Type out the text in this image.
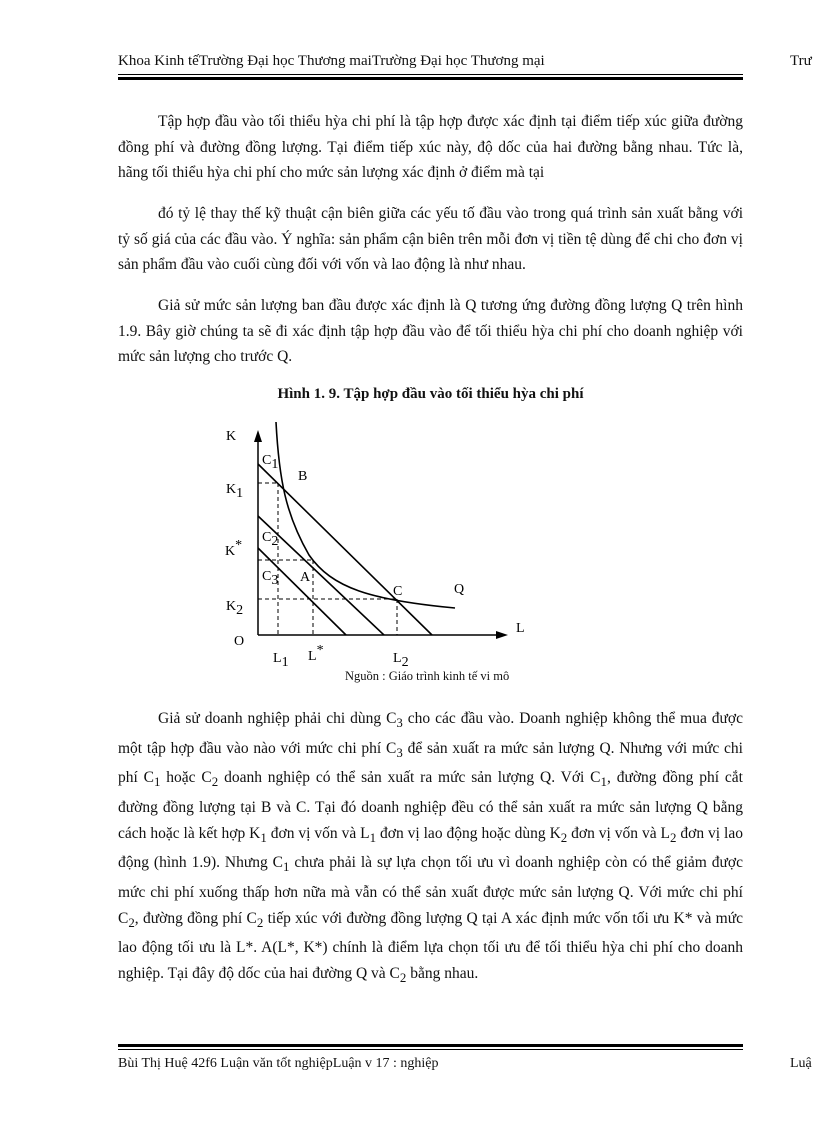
Khoa Kinh tếTrường Đại học Thương maiTrường Đại học Thương mại	Trư
Tập hợp đầu vào tối thiểu hỳa chi phí là tập hợp được xác định tại điểm tiếp xúc giữa đường đồng phí và đường đồng lượng. Tại điểm tiếp xúc này, độ dốc của hai đường bằng nhau. Tức là, hãng tối thiểu hỳa chi phí cho mức sản lượng xác định ở điểm mà tại
đó tỷ lệ thay thế kỹ thuật cận biên giữa các yếu tố đầu vào trong quá trình sản xuất bằng với tỷ số giá của các đầu vào. Ý nghĩa: sản phẩm cận biên trên mỗi đơn vị tiền tệ dùng để chi cho đơn vị sản phẩm đầu vào cuối cùng đối với vốn và lao động là như nhau.
Giả sử mức sản lượng ban đầu được xác định là Q tương ứng đường đồng lượng Q trên hình 1.9. Bây giờ chúng ta sẽ đi xác định tập hợp đầu vào để tối thiểu hỳa chi phí cho doanh nghiệp với mức sản lượng cho trước Q.
Hình 1. 9. Tập hợp đầu vào tối thiểu hỳa chi phí
K
L
O
K1
K*
K2
L1 L*
L2
C1
C2
C3
B
A
C	Q
Nguồn : Giáo trình kinh tế vi mô
Giả sử doanh nghiệp phải chi dùng $C_3$ cho các đầu vào. Doanh nghiệp không thể mua được một tập hợp đầu vào nào với mức chi phí $C_3$ để sản xuất ra mức sản lượng Q. Nhưng với mức chi phí $C_1$ hoặc $C_2$ doanh nghiệp có thể sản xuất ra mức sản lượng Q. Với $C_1$, đường đồng phí cắt đường đồng lượng tại B và C. Tại đó doanh nghiệp đều có thể sản xuất ra mức sản lượng Q bằng cách hoặc là kết hợp $K_1$ đơn vị vốn và $L_1$ đơn vị lao động hoặc dùng $K_2$ đơn vị vốn và $L_2$ đơn vị lao động (hình 1.9). Nhưng $C_1$ chưa phải là sự lựa chọn tối ưu vì doanh nghiệp còn có thể giảm được mức chi phí xuống thấp hơn nữa mà vẫn có thể sản xuất được mức sản lượng Q. Với mức chi phí $C_2$, đường đồng phí $C_2$ tiếp xúc với đường đồng lượng Q tại A xác định mức vốn tối ưu K* và mức lao động tối ưu là L*. A(L*, K*) chính là điểm lựa chọn tối ưu để tối thiểu hỳa chi phí cho doanh nghiệp. Tại đây độ dốc của hai đường Q và $C_2$ bằng nhau.
Bùi Thị Huệ 42f6 Luận văn tốt nghiệpLuận v 17 : nghiệp	Luậ
